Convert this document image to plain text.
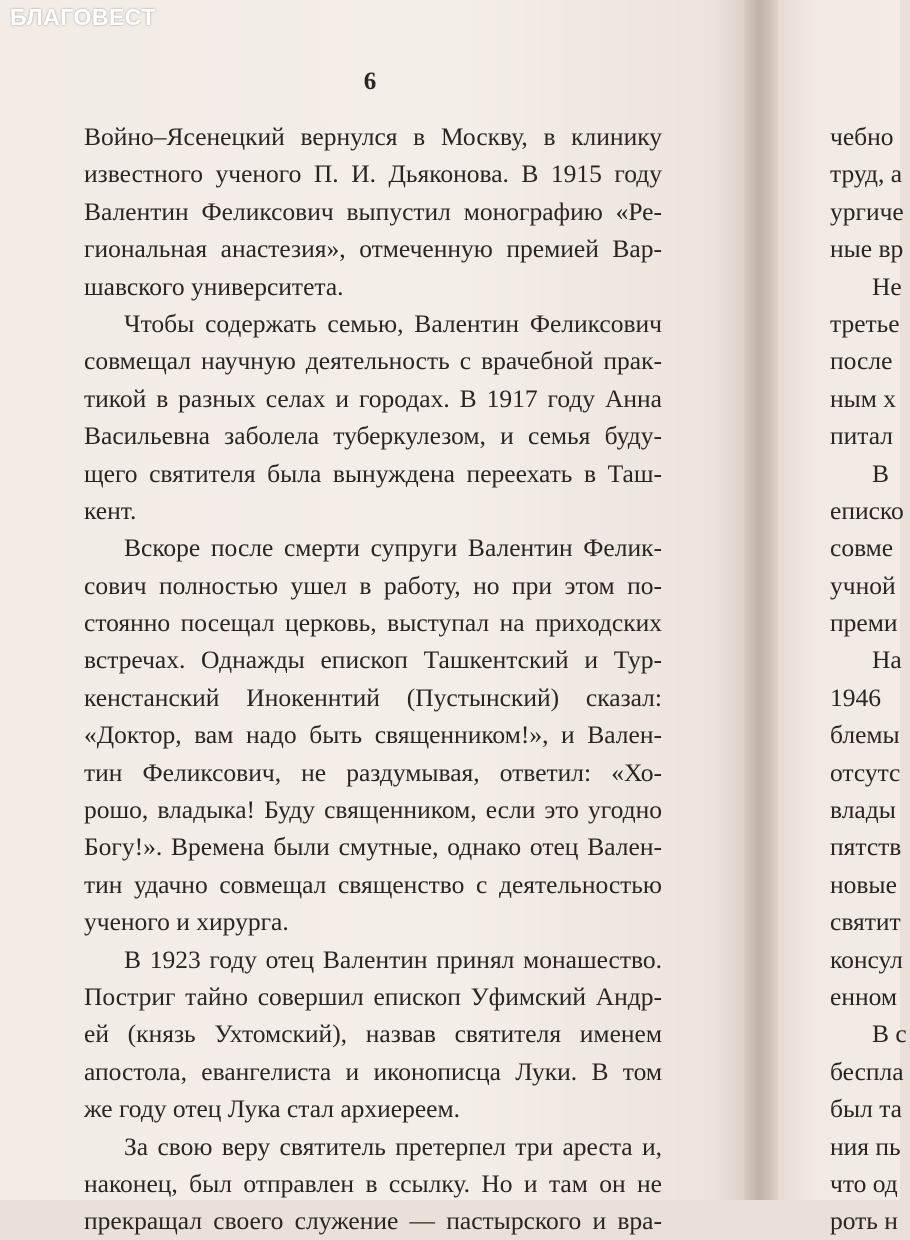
БЛАГОВЕСТ
6
Войно–Ясенецкий вернулся в Москву, в клинику
известного ученого П. И. Дьяконова. В 1915 году
Валентин Феликсович выпустил монографию «Ре-
гиональная анастезия», отмеченную премией Вар-
шавского университета.
Чтобы содержать семью, Валентин Феликсович
совмещал научную деятельность с врачебной прак-
тикой в разных селах и городах. В 1917 году Анна
Васильевна заболела туберкулезом, и семья буду-
щего святителя была вынуждена переехать в Таш-
кент.
Вскоре после смерти супруги Валентин Фелик-
сович полностью ушел в работу, но при этом по-
стоянно посещал церковь, выступал на приходских
встречах. Однажды епископ Ташкентский и Тур-
кенстанский Инокеннтий (Пустынский) сказал:
«Доктор, вам надо быть священником!», и Вален-
тин Феликсович, не раздумывая, ответил: «Хо-
рошо, владыка! Буду священником, если это угодно
Богу!». Времена были смутные, однако отец Вален-
тин удачно совмещал священство с деятельностью
ученого и хирурга.
В 1923 году отец Валентин принял монашество.
Постриг тайно совершил епископ Уфимский Андр-
ей (князь Ухтомский), назвав святителя именем
апостола, евангелиста и иконописца Луки. В том
же году отец Лука стал архиереем.
За свою веру святитель претерпел три ареста и,
наконец, был отправлен в ссылку. Но и там он не
прекращал своего служение — пастырского и вра-
чебно
труд, а
ургиче
ные вр
Не
третье
после
ным х
питал
В
еписко
совме
учной
преми
На
1946
блемы
отсутс
влады
пятств
новые
святит
консул
енном
В с
беспла
был та
ния пь
что од
роть н
